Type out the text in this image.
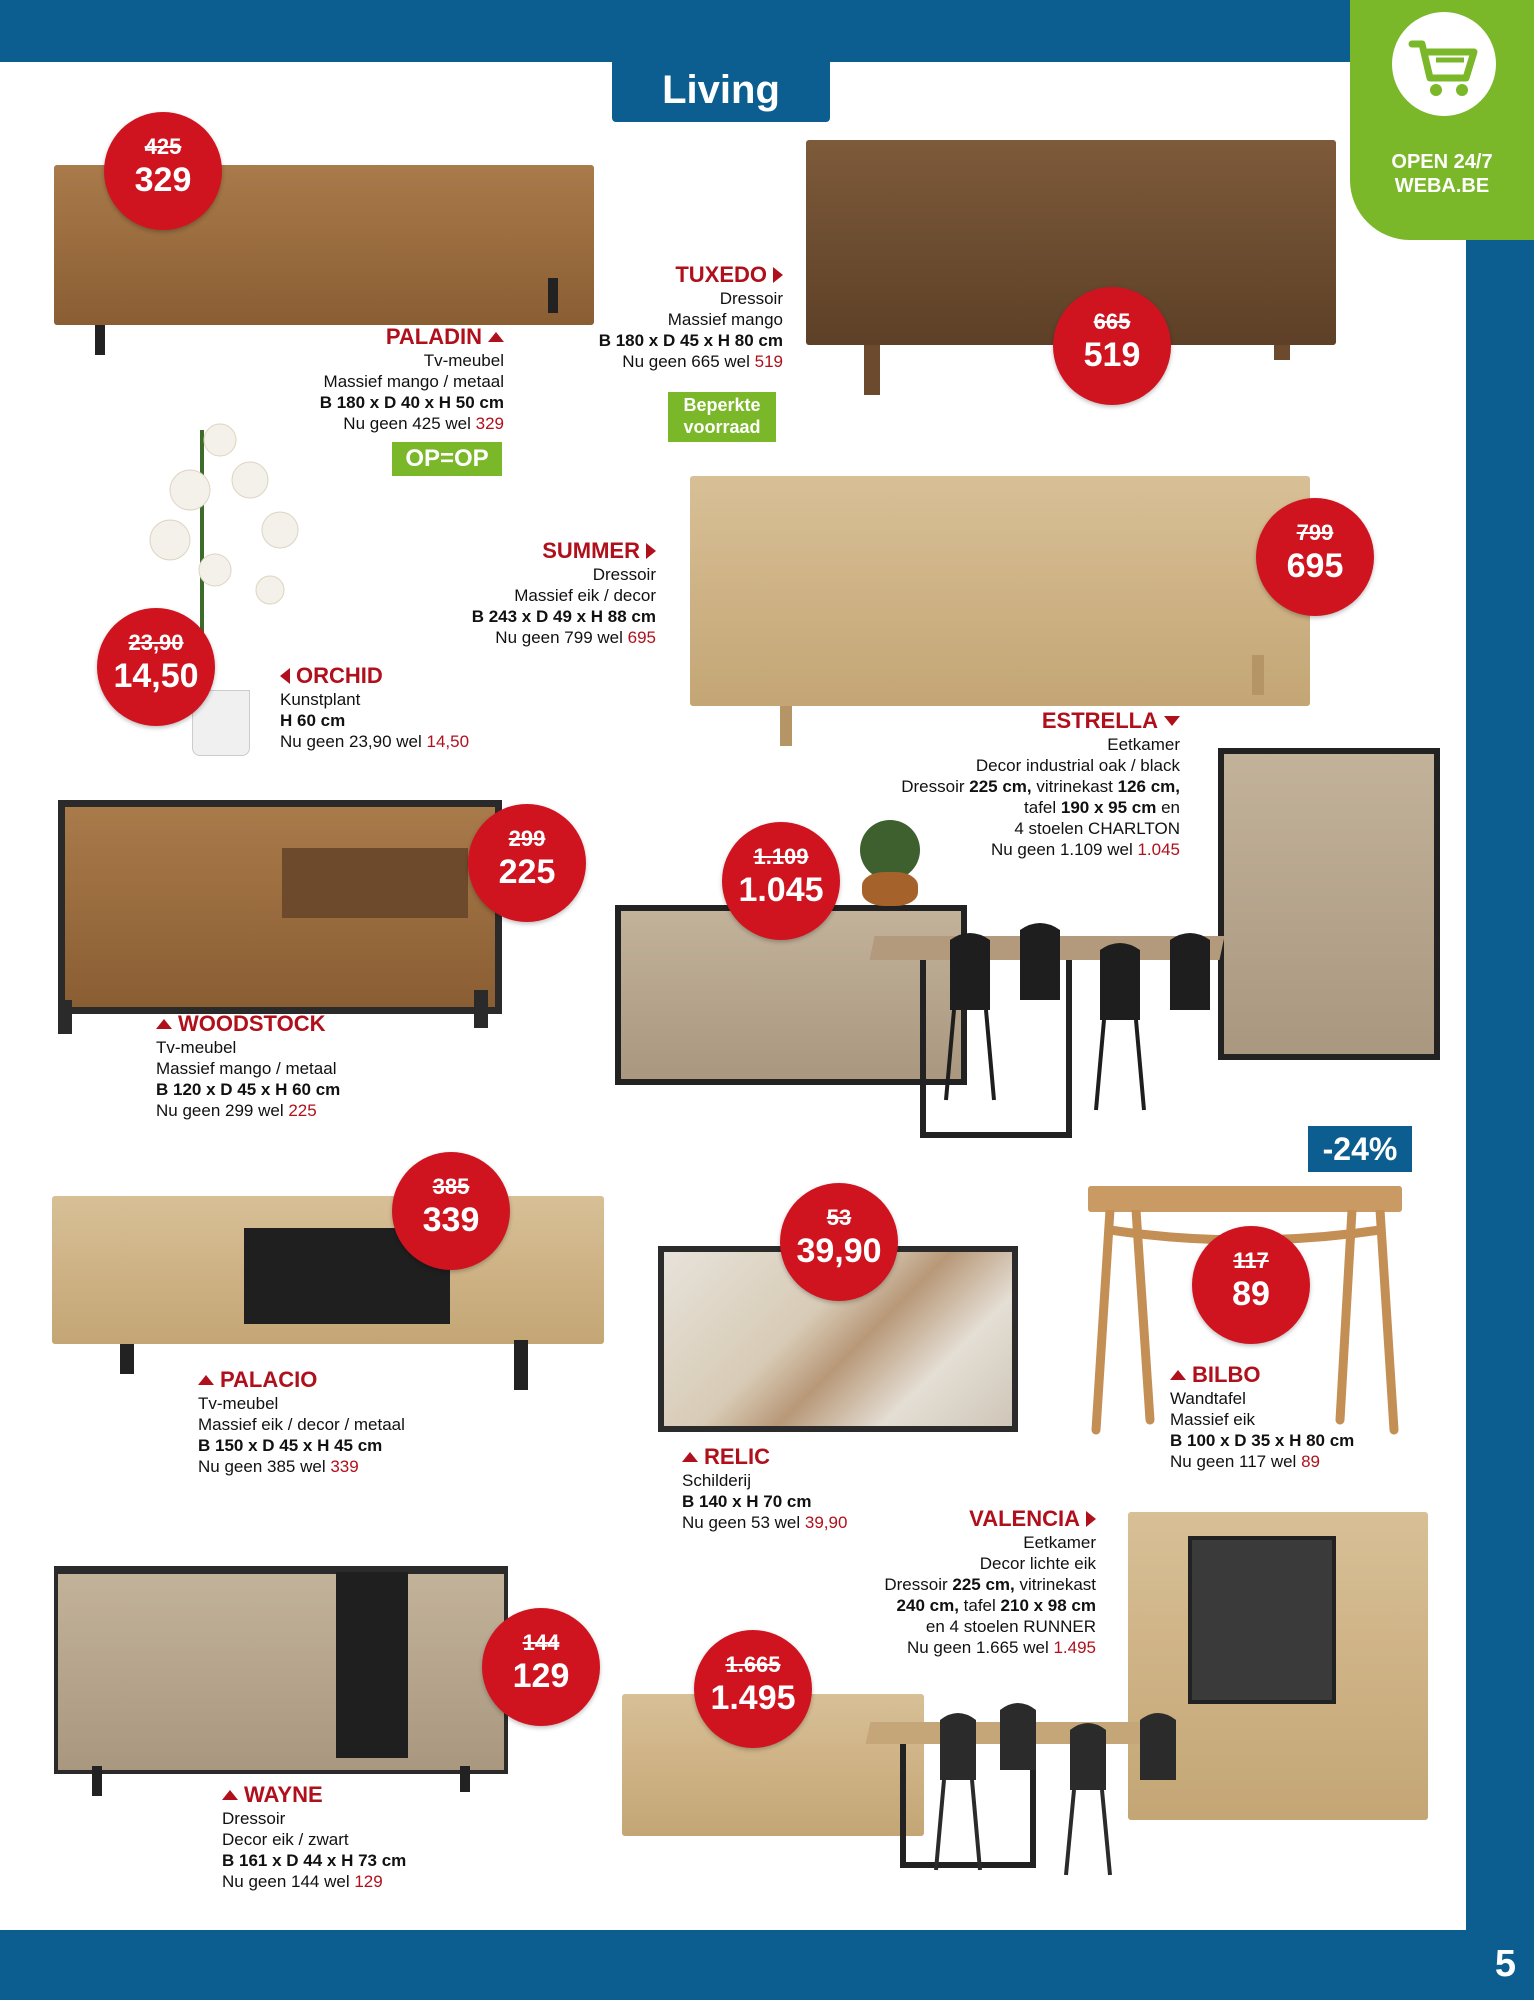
5
Living
OPEN 24/7
WEBA.BE
425
329
PALADIN
Tv-meubel
Massief mango / metaal
B 180 x D 40 x H 50 cm
Nu geen 425 wel 329
OP=OP
665
519
TUXEDO
Dressoir
Massief mango
B 180 x D 45 x H 80 cm
Nu geen 665 wel 519
Beperkte
voorraad
23,90
14,50	ORCHID
Kunstplant
H 60 cm
Nu geen 23,90 wel 14,50
799
695
SUMMER
Dressoir
Massief eik / decor
B 243 x D 49 x H 88 cm
Nu geen 799 wel 695
ESTRELLA
Eetkamer
Decor industrial oak / black
Dressoir 225 cm, vitrinekast 126 cm,
tafel 190 x 95 cm en
4 stoelen CHARLTON
Nu geen 1.109 wel 1.045
1.109
1.045
299
225
WOODSTOCK
Tv-meubel
Massief mango / metaal
B 120 x D 45 x H 60 cm
Nu geen 299 wel 225
385
339
PALACIO
Tv-meubel
Massief eik / decor / metaal
B 150 x D 45 x H 45 cm
Nu geen 385 wel 339
53
39,90
RELIC
Schilderij
B 140 x H 70 cm
Nu geen 53 wel 39,90
-24%
117
89
BILBO
Wandtafel
Massief eik
B 100 x D 35 x H 80 cm
Nu geen 117 wel 89
VALENCIA
Eetkamer
Decor lichte eik
Dressoir 225 cm, vitrinekast
240 cm, tafel 210 x 98 cm
en 4 stoelen RUNNER
Nu geen 1.665 wel 1.495
1.665
1.495
144
129
WAYNE
Dressoir
Decor eik / zwart
B 161 x D 44 x H 73 cm
Nu geen 144 wel 129
